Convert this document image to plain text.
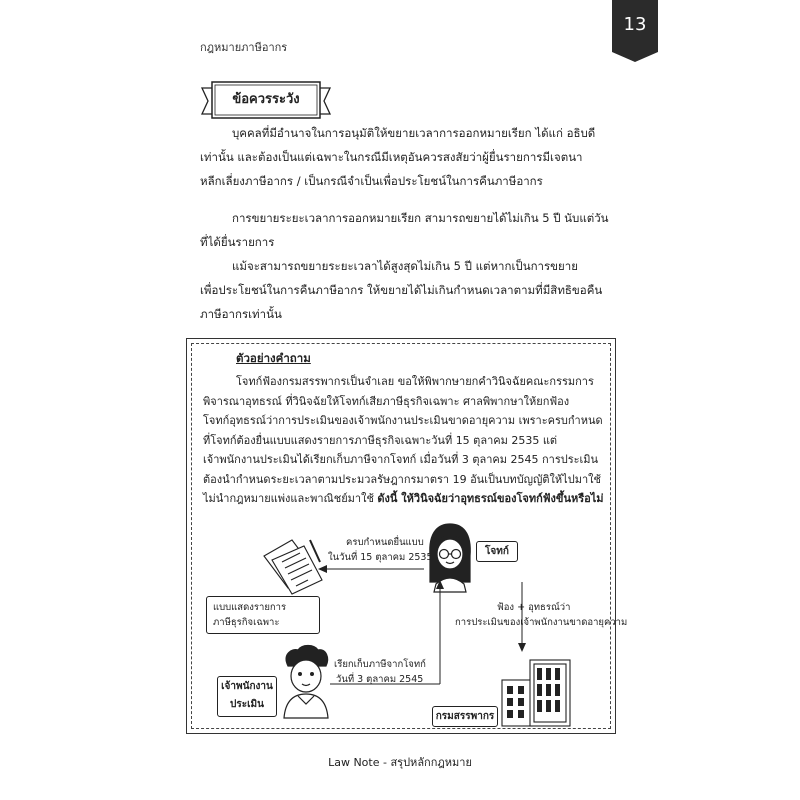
13
กฎหมายภาษีอากร
ข้อควรระวัง
บุคคลที่มีอำนาจในการอนุมัติให้ขยายเวลาการออกหมายเรียก ได้แก่ อธิบดี
เท่านั้น และต้องเป็นแต่เฉพาะในกรณีมีเหตุอันควรสงสัยว่าผู้ยื่นรายการมีเจตนา
หลีกเลี่ยงภาษีอากร / เป็นกรณีจำเป็นเพื่อประโยชน์ในการคืนภาษีอากร
การขยายระยะเวลาการออกหมายเรียก สามารถขยายได้ไม่เกิน 5 ปี นับแต่วัน
ที่ได้ยื่นรายการ
แม้จะสามารถขยายระยะเวลาได้สูงสุดไม่เกิน 5 ปี แต่หากเป็นการขยาย
เพื่อประโยชน์ในการคืนภาษีอากร ให้ขยายได้ไม่เกินกำหนดเวลาตามที่มีสิทธิขอคืน
ภาษีอากรเท่านั้น
ตัวอย่างคำถาม
โจทก์ฟ้องกรมสรรพากรเป็นจำเลย ขอให้พิพากษายกคำวินิจฉัยคณะกรรมการ
พิจารณาอุทธรณ์ ที่วินิจฉัยให้โจทก์เสียภาษีธุรกิจเฉพาะ ศาลพิพากษาให้ยกฟ้อง
โจทก์อุทธรณ์ว่าการประเมินของเจ้าพนักงานประเมินขาดอายุความ เพราะครบกำหนด
ที่โจทก์ต้องยื่นแบบแสดงรายการภาษีธุรกิจเฉพาะวันที่ 15 ตุลาคม 2535 แต่
เจ้าพนักงานประเมินได้เรียกเก็บภาษีจากโจทก์ เมื่อวันที่ 3 ตุลาคม 2545 การประเมิน
ต้องนำกำหนดระยะเวลาตามประมวลรัษฎากรมาตรา 19 อันเป็นบทบัญญัติให้ไปมาใช้
ไม่นำกฎหมายแพ่งและพาณิชย์มาใช้ ดังนี้ ให้วินิจฉัยว่าอุทธรณ์ของโจทก์ฟังขึ้นหรือไม่
โจทก์
ครบกำหนดยื่นแบบ
ในวันที่ 15 ตุลาคม 2535
แบบแสดงรายการ
ภาษีธุรกิจเฉพาะ
ฟ้อง + อุทธรณ์ว่า
การประเมินของเจ้าพนักงานขาดอายุความ
เรียกเก็บภาษีจากโจทก์
วันที่ 3 ตุลาคม 2545
เจ้าพนักงาน
ประเมิน
กรมสรรพากร
Law Note - สรุปหลักกฎหมาย
